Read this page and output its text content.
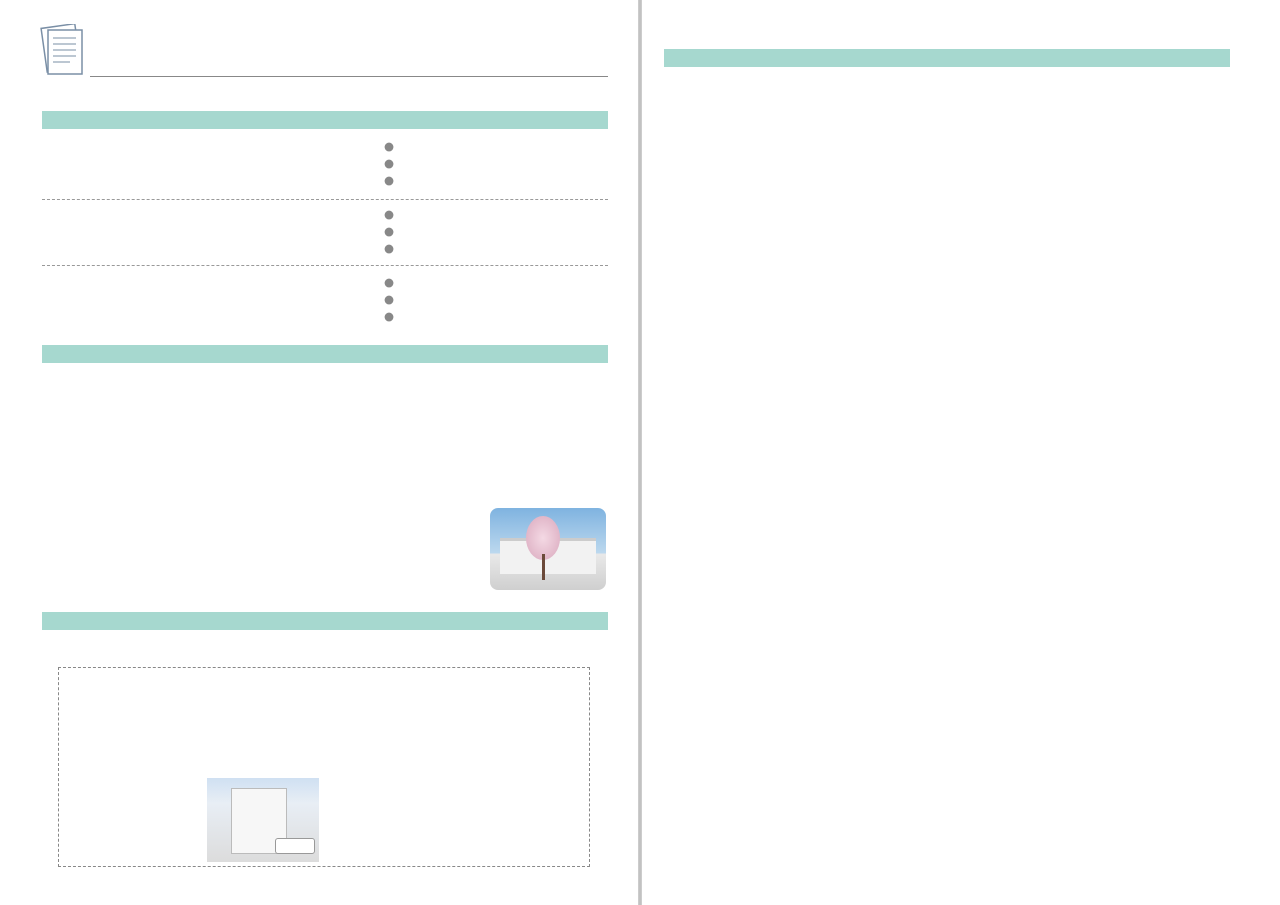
●
●
●
●
●
●
●
●
●
